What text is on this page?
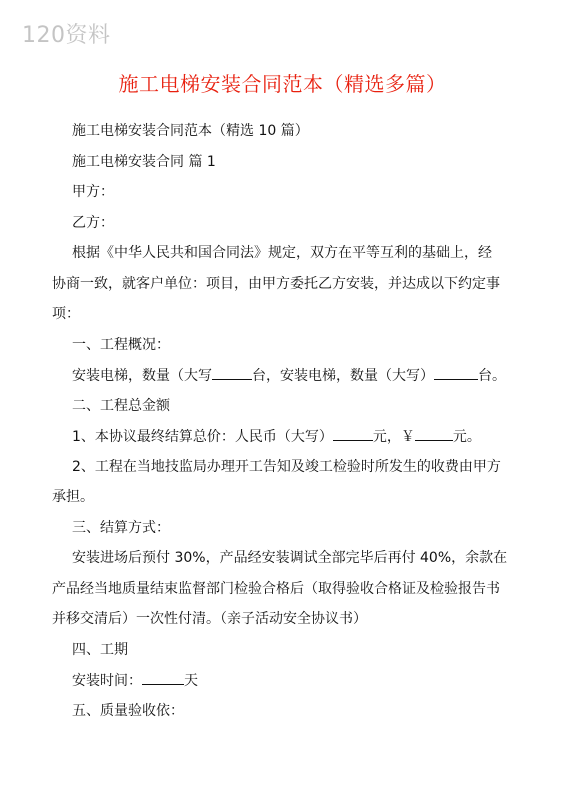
120资料
施工电梯安装合同范本（精选多篇）
施工电梯安装合同范本（精选 10 篇）
施工电梯安装合同 篇 1
甲方：
乙方：
根据《中华人民共和国合同法》规定，双方在平等互利的基础上，经
协商一致，就客户单位：项目，由甲方委托乙方安装，并达成以下约定事
项：
一、工程概况：
安装电梯，数量（大写	台，安装电梯，数量（大写）	台。
二、工程总金额
1、本协议最终结算总价：人民币（大写）	元，￥	元。
2、工程在当地技监局办理开工告知及竣工检验时所发生的收费由甲方
承担。
三、结算方式：
安装进场后预付 30%，产品经安装调试全部完毕后再付 40%，余款在
产品经当地质量结束监督部门检验合格后（取得验收合格证及检验报告书
并移交清后）一次性付清。（亲子活动安全协议书）
四、工期
安装时间：	天
五、质量验收依：
